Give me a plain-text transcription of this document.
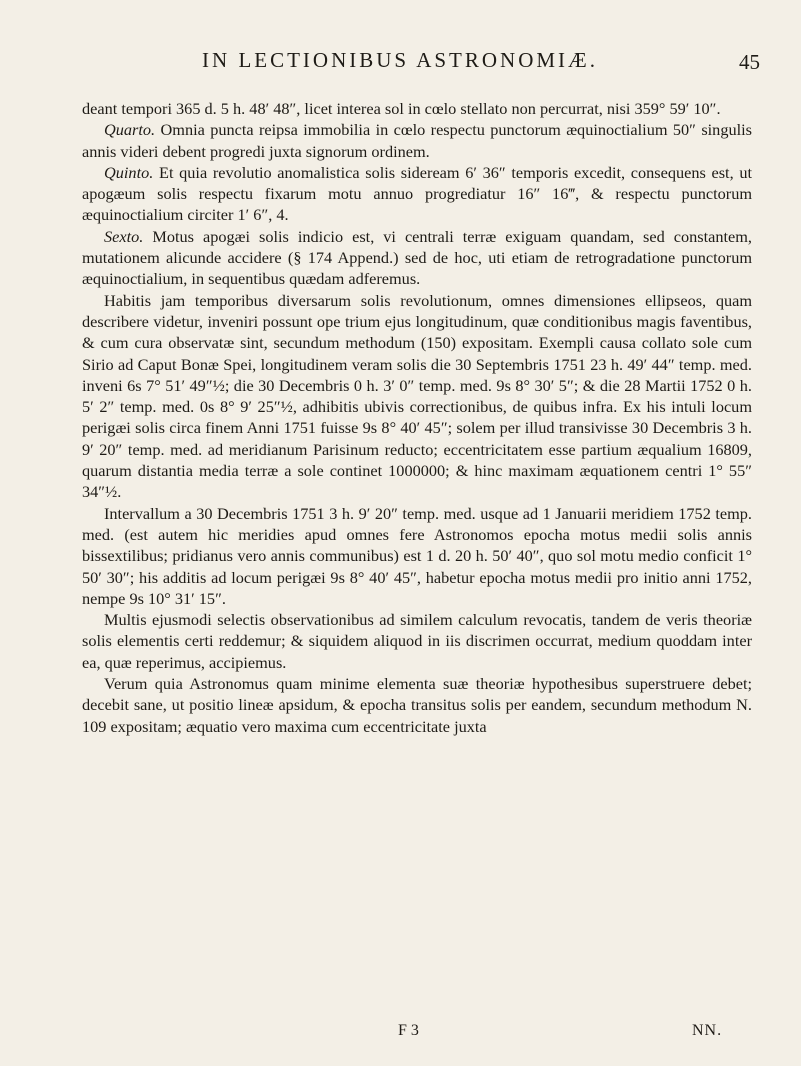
IN LECTIONIBUS ASTRONOMIÆ.	45

deant tempori 365 d. 5 h. 48′ 48″, licet interea sol in cœlo stellato non percurrat, nisi 359° 59′ 10″.

Quarto. Omnia puncta reipsa immobilia in cœlo respectu punctorum æquinoctialium 50″ singulis annis videri debent progredi juxta signorum ordinem.

Quinto. Et quia revolutio anomalistica solis sideream 6′ 36″ temporis excedit, consequens est, ut apogæum solis respectu fixarum motu annuo progrediatur 16″ 16‴, & respectu punctorum æquinoctialium circiter 1′ 6″, 4.

Sexto. Motus apogæi solis indicio est, vi centrali terræ exiguam quandam, sed constantem, mutationem alicunde accidere (§ 174 Append.) sed de hoc, uti etiam de retrogradatione punctorum æquinoctialium, in sequentibus quædam adferemus.

Habitis jam temporibus diversarum solis revolutionum, omnes dimensiones ellipseos, quam describere videtur, inveniri possunt ope trium ejus longitudinum, quæ conditionibus magis faventibus, & cum cura observatæ sint, secundum methodum (150) expositam. Exempli causa collato sole cum Sirio ad Caput Bonæ Spei, longitudinem veram solis die 30 Septembris 1751 23 h. 49′ 44″ temp. med. inveni 6s 7° 51′ 49″½; die 30 Decembris 0 h. 3′ 0″ temp. med. 9s 8° 30′ 5″; & die 28 Martii 1752 0 h. 5′ 2″ temp. med. 0s 8° 9′ 25″½, adhibitis ubivis correctionibus, de quibus infra. Ex his intuli locum perigæi solis circa finem Anni 1751 fuisse 9s 8° 40′ 45″; solem per illud transivisse 30 Decembris 3 h. 9′ 20″ temp. med. ad meridianum Parisinum reducto; eccentricitatem esse partium æqualium 16809, quarum distantia media terræ a sole continet 1000000; & hinc maximam æquationem centri 1° 55″ 34″½.

Intervallum a 30 Decembris 1751 3 h. 9′ 20″ temp. med. usque ad 1 Januarii meridiem 1752 temp. med. (est autem hic meridies apud omnes fere Astronomos epocha motus medii solis annis bissextilibus; pridianus vero annis communibus) est 1 d. 20 h. 50′ 40″, quo sol motu medio conficit 1° 50′ 30″; his additis ad locum perigæi 9s 8° 40′ 45″, habetur epocha motus medii pro initio anni 1752, nempe 9s 10° 31′ 15″.

Multis ejusmodi selectis observationibus ad similem calculum revocatis, tandem de veris theoriæ solis elementis certi reddemur; & siquidem aliquod in iis discrimen occurrat, medium quoddam inter ea, quæ reperimus, accipiemus.

Verum quia Astronomus quam minime elementa suæ theoriæ hypothesibus superstruere debet; decebit sane, ut positio lineæ apsidum, & epocha transitus solis per eandem, secundum methodum N. 109 expositam; æquatio vero maxima cum eccentricitate juxta

F 3	NN.
